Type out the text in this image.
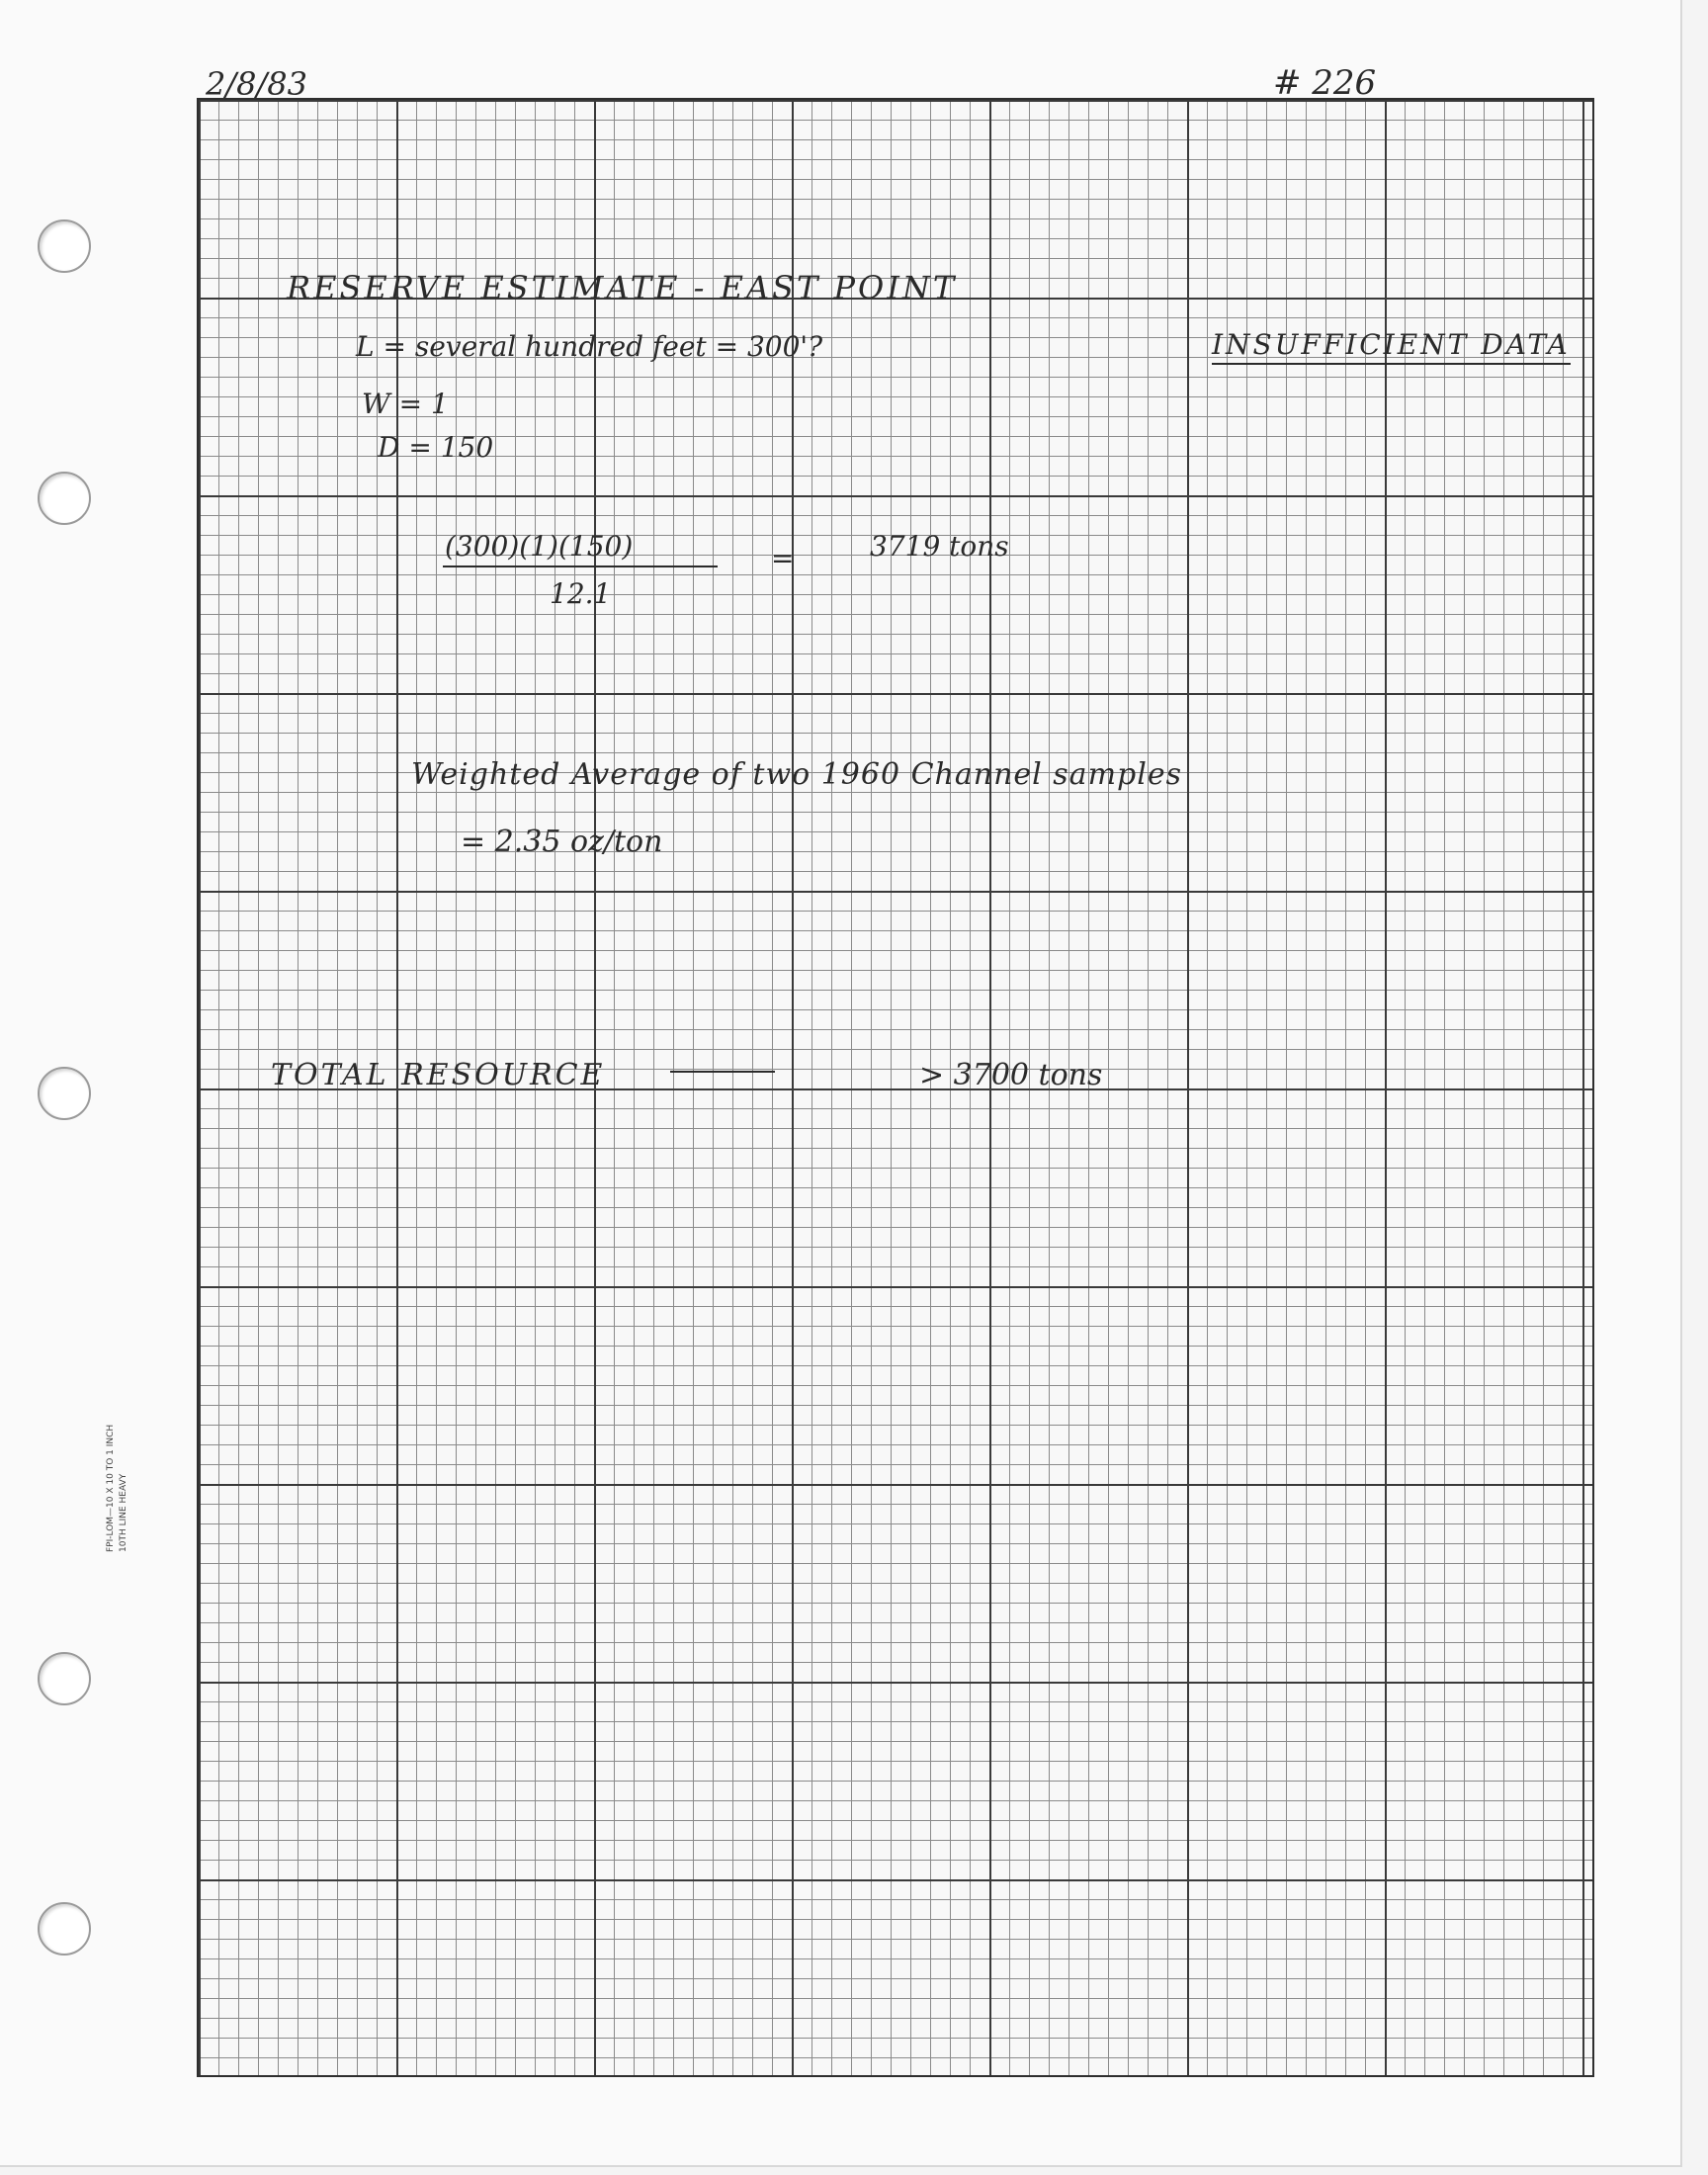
FPI-LOM—10 X 10 TO 1 INCH 10TH LINE HEAVY
2/8/83	# 226
RESERVE ESTIMATE - EAST POINT
L = several hundred feet = 300'?
W = 1
D = 150
INSUFFICIENT DATA
(300)(1)(150)
12.1
=	3719 tons
Weighted Average of two 1960 Channel samples
= 2.35 oz/ton
TOTAL RESOURCE	> 3700 tons
